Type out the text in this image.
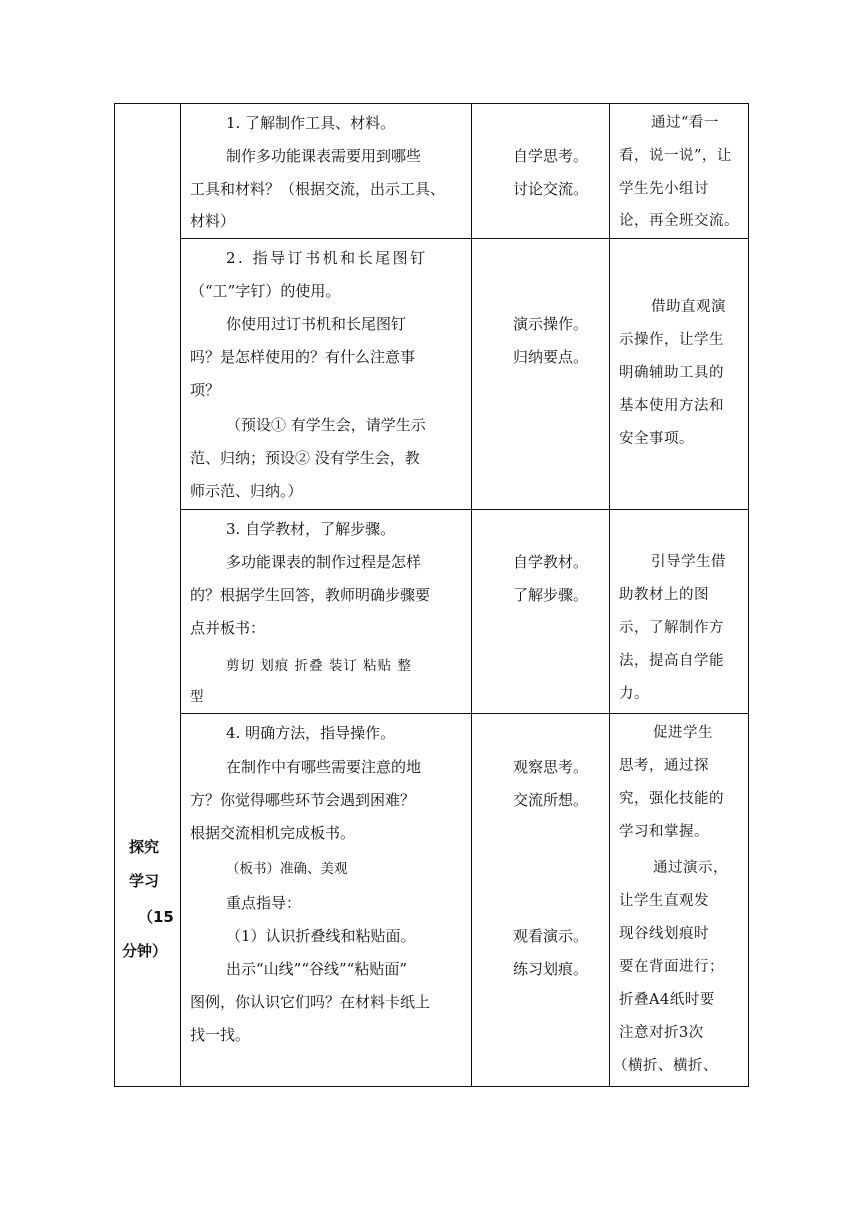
探究
学习
（15
分钟）
1. 了解制作工具、材料。
制作多功能课表需要用到哪些
工具和材料？（根据交流，出示工具、
材料）
自学思考。
讨论交流。
通过“看一
看，说一说”，让
学生先小组讨
论，再全班交流。
2. 指导订书机和长尾图钉
（“工”字钉）的使用。
你使用过订书机和长尾图钉
吗？是怎样使用的？有什么注意事
项？
（预设① 有学生会，请学生示
范、归纳；预设② 没有学生会，教
师示范、归纳。）
演示操作。
归纳要点。
借助直观演
示操作，让学生
明确辅助工具的
基本使用方法和
安全事项。
3. 自学教材，了解步骤。
多功能课表的制作过程是怎样
的？根据学生回答，教师明确步骤要
点并板书：
剪切 划痕 折叠 装订 粘贴 整
型
自学教材。
了解步骤。
引导学生借
助教材上的图
示，了解制作方
法，提高自学能
力。
4. 明确方法，指导操作。
在制作中有哪些需要注意的地
方？你觉得哪些环节会遇到困难？
根据交流相机完成板书。
（板书）准确、美观
重点指导：
（1）认识折叠线和粘贴面。
出示“山线”“谷线”“粘贴面”
图例，你认识它们吗？在材料卡纸上
找一找。
观察思考。
交流所想。
观看演示。
练习划痕。
促进学生
思考，通过探
究，强化技能的
学习和掌握。
通过演示，
让学生直观发
现谷线划痕时
要在背面进行；
折叠A4纸时要
注意对折3次
（横折、横折、
